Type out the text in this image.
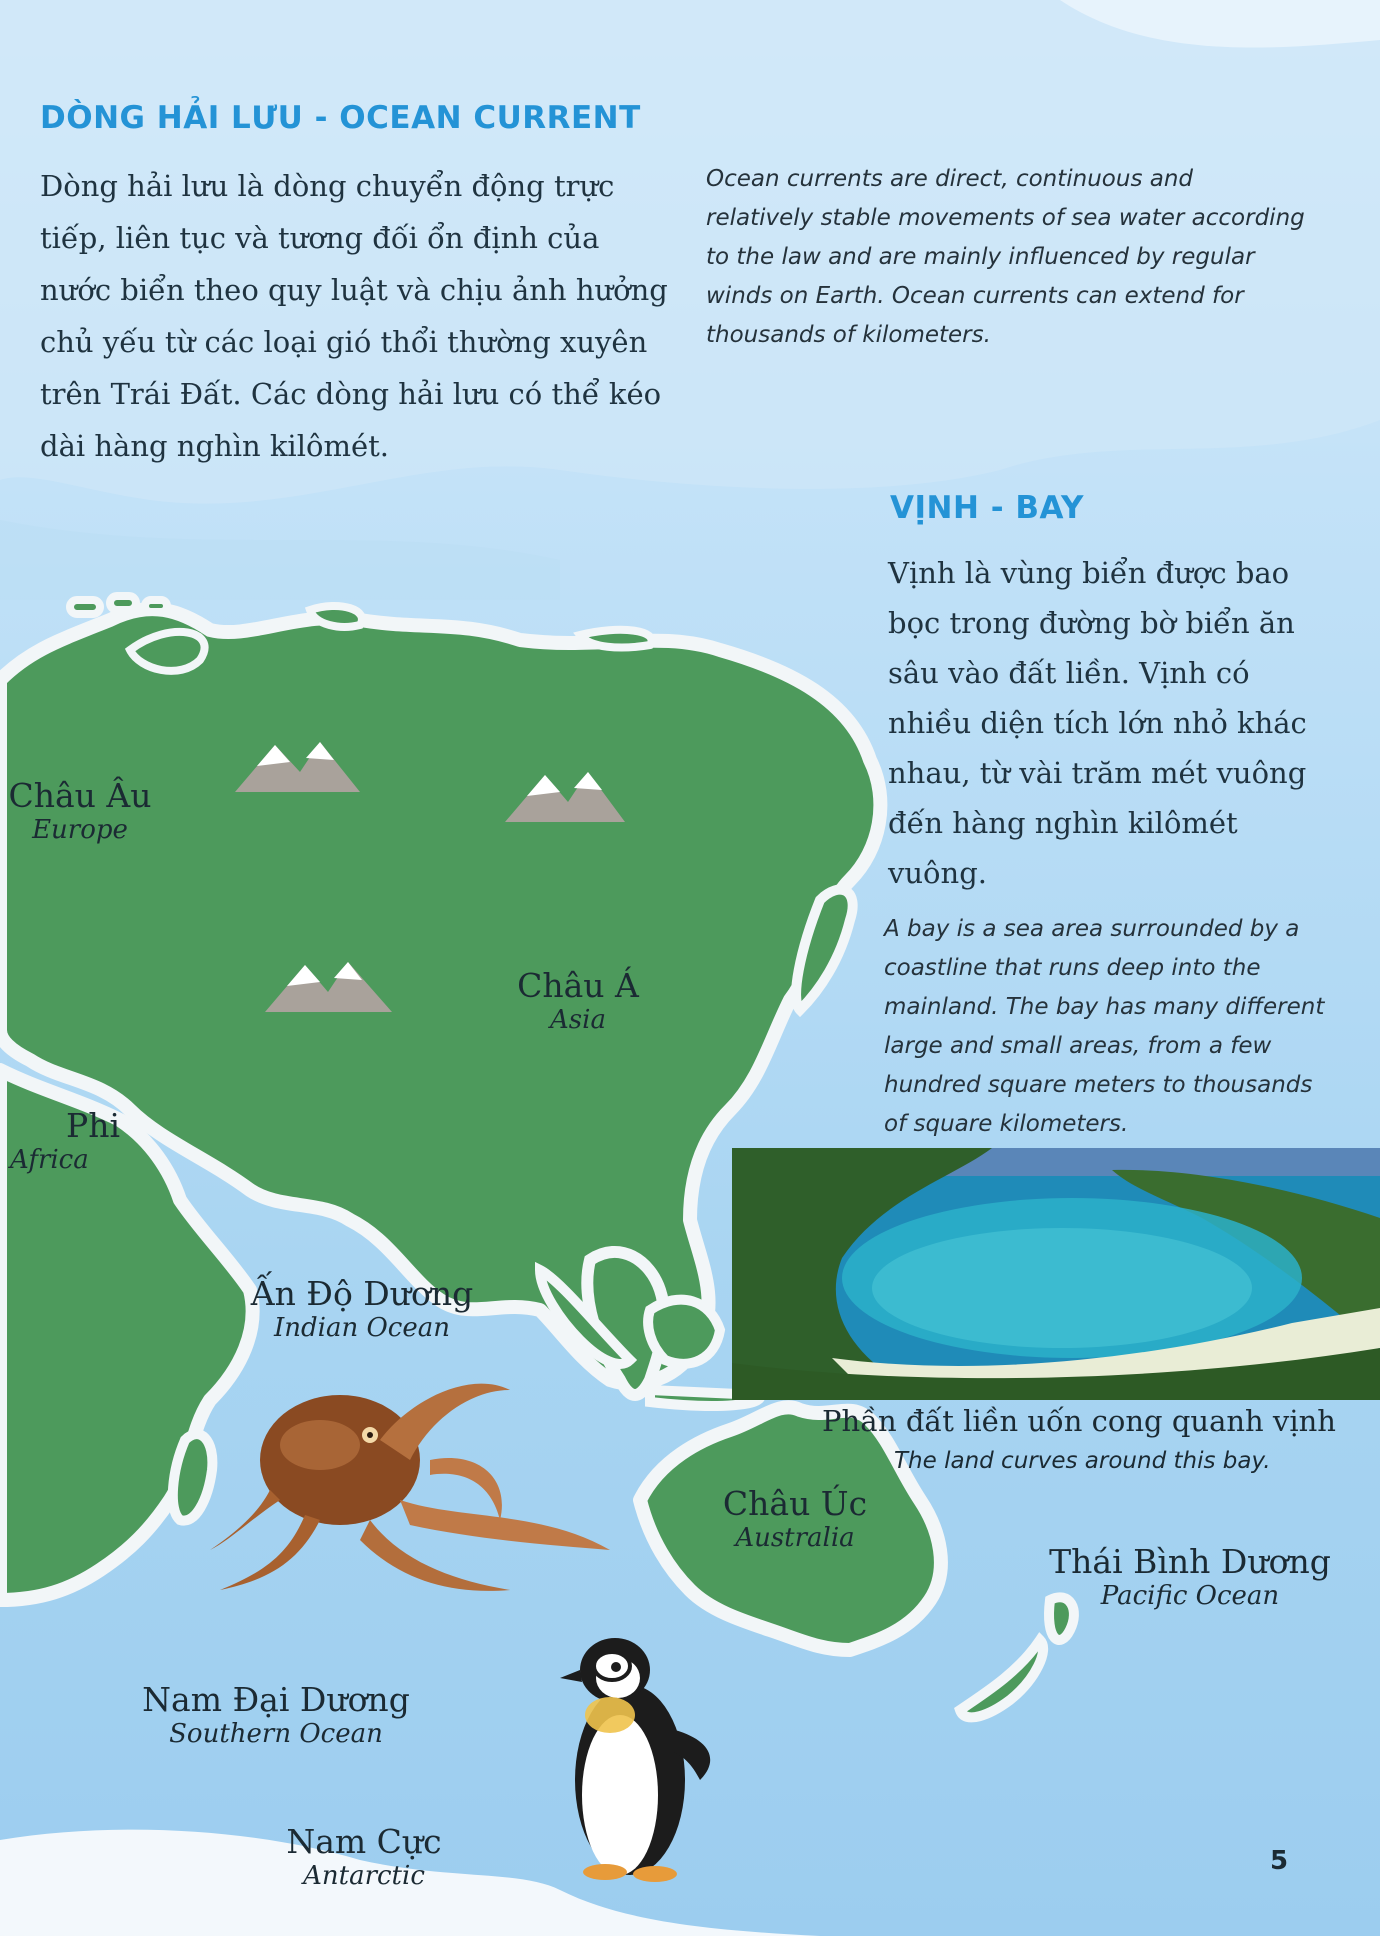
DÒNG HẢI LƯU - OCEAN CURRENT
Dòng hải lưu là dòng chuyển động trực tiếp, liên tục và tương đối ổn định của nước biển theo quy luật và chịu ảnh hưởng chủ yếu từ các loại gió thổi thường xuyên trên Trái Đất. Các dòng hải lưu có thể kéo dài hàng nghìn kilômét.
Ocean currents are direct, continuous and relatively stable movements of sea water according to the law and are mainly influenced by regular winds on Earth. Ocean currents can extend for thousands of kilometers.
VỊNH - BAY
Vịnh là vùng biển được bao bọc trong đường bờ biển ăn sâu vào đất liền. Vịnh có nhiều diện tích lớn nhỏ khác nhau, từ vài trăm mét vuông đến hàng nghìn kilômét vuông.
A bay is a sea area surrounded by a coastline that runs deep into the mainland. The bay has many different large and small areas, from a few hundred square meters to thousands of square kilometers.
Phần đất liền uốn cong quanh vịnh
The land curves around this bay.
Châu Âu
Europe
Châu Á
Asia
Phi
Africa
Ấn Độ Dương
Indian Ocean
Châu Úc
Australia
Thái Bình Dương
Pacific Ocean
Nam Đại Dương
Southern Ocean
Nam Cực
Antarctic	5
